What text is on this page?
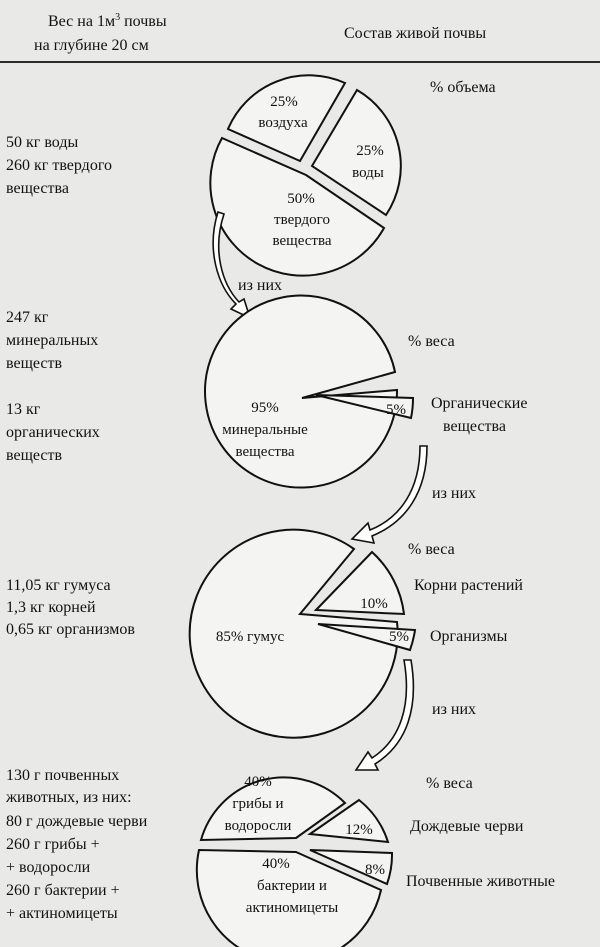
Вес на $1м^3$ почвы
на глубине 20 см
Состав живой почвы
50 кг воды
260 кг твердого
вещества
% объема
25%
воздуха
25%
воды
50%
твердого
вещества
из них
247 кг
минеральных
веществ
13 кг
органических
веществ
% веса
95%
минеральные
вещества
5% Органические
вещества
из них
11,05 кг гумуса
1,3 кг корней
0,65 кг организмов
% веса
85% гумус
10%
Корни растений
5% Организмы
из них
130 г почвенных
животных, из них:
80 г дождевые черви
260 г грибы +
+ водоросли
260 г бактерии +
+ актиномицеты
% веса
40%
грибы и
водоросли	12% Дождевые черви
8%
Почвенные животные
40%
бактерии и
актиномицеты
